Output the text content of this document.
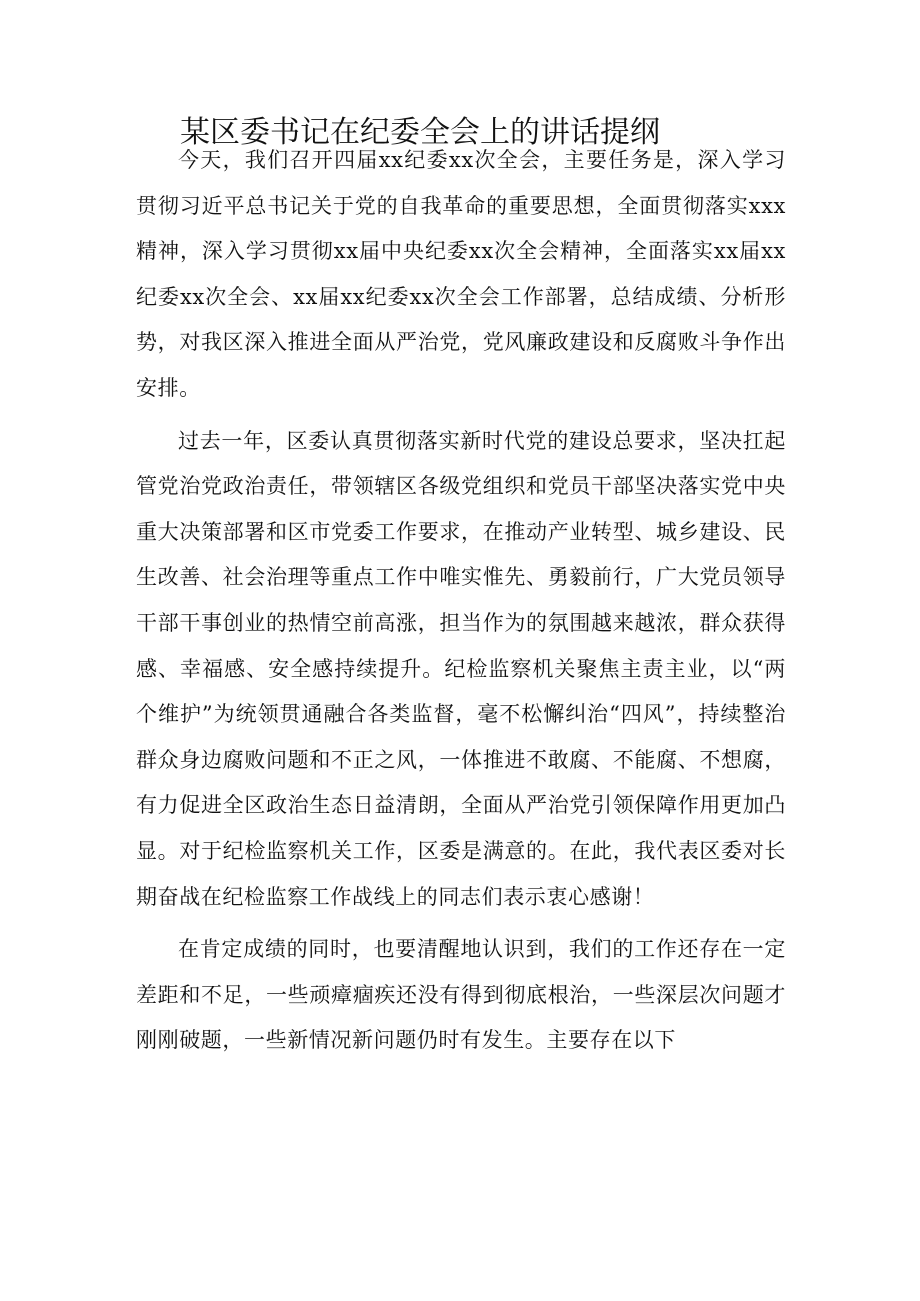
某区委书记在纪委全会上的讲话提纲

今天，我们召开四届xx纪委xx次全会，主要任务是，深入学习贯彻习近平总书记关于党的自我革命的重要思想，全面贯彻落实xxx精神，深入学习贯彻xx届中央纪委xx次全会精神，全面落实xx届xx纪委xx次全会、xx届xx纪委xx次全会工作部署，总结成绩、分析形势，对我区深入推进全面从严治党，党风廉政建设和反腐败斗争作出安排。

过去一年，区委认真贯彻落实新时代党的建设总要求，坚决扛起管党治党政治责任，带领辖区各级党组织和党员干部坚决落实党中央重大决策部署和区市党委工作要求，在推动产业转型、城乡建设、民生改善、社会治理等重点工作中唯实惟先、勇毅前行，广大党员领导干部干事创业的热情空前高涨，担当作为的氛围越来越浓，群众获得感、幸福感、安全感持续提升。纪检监察机关聚焦主责主业，以“两个维护”为统领贯通融合各类监督，毫不松懈纠治“四风”，持续整治群众身边腐败问题和不正之风，一体推进不敢腐、不能腐、不想腐，有力促进全区政治生态日益清朗，全面从严治党引领保障作用更加凸显。对于纪检监察机关工作，区委是满意的。在此，我代表区委对长期奋战在纪检监察工作战线上的同志们表示衷心感谢！

在肯定成绩的同时，也要清醒地认识到，我们的工作还存在一定差距和不足，一些顽瘴痼疾还没有得到彻底根治，一些深层次问题才刚刚破题，一些新情况新问题仍时有发生。主要存在以下
